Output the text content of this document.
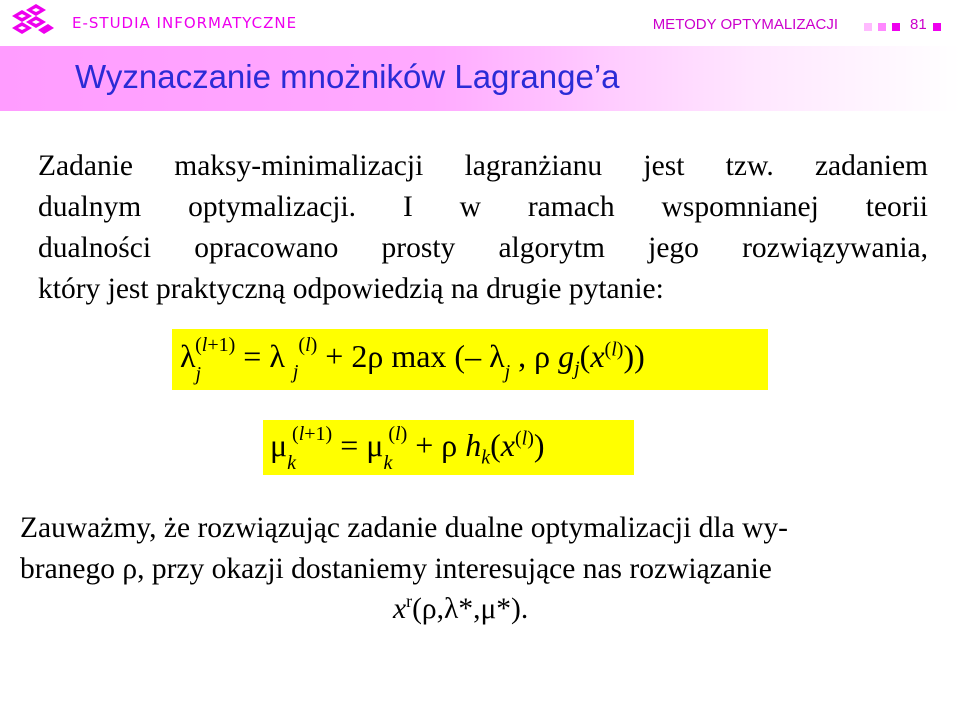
E-STUDIA INFORMATYCZNE	METODY OPTYMALIZACJI	81
Wyznaczanie mnożników Lagrange’a
Zadanie maksy-minimalizacji lagranżianu jest tzw. zadaniem
dualnym optymalizacji. I w ramach wspomnianej teorii
dualności opracowano prosty algorytm jego rozwiązywania,
który jest praktyczną odpowiedzią na drugie pytanie:
$\lambda_j^{(l+1)} = \lambda$ $_j^{(l)}$ + 2ρ max (– $\lambda_j$ , ρ $g_j(x^{(l)})$)
$\mu_k^{(l+1)} = \mu_k^{(l)} + \rho$ $h_k(x^{(l)})$
Zauważmy, że rozwiązując zadanie dualne optymalizacji dla wy-
branego ρ, przy okazji dostaniemy interesujące nas rozwiązanie
$x^r(\rho,\lambda*,\mu*)$.
